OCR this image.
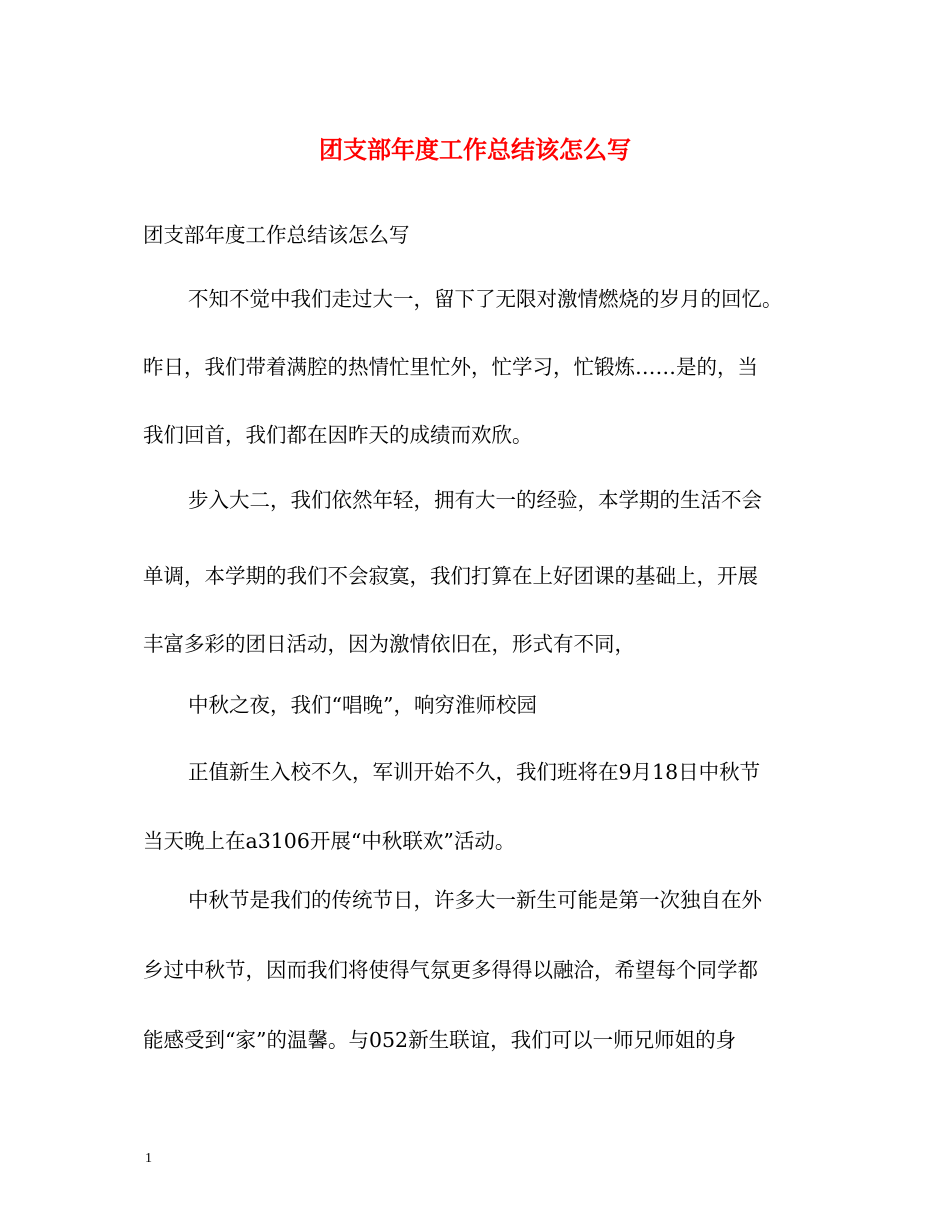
团支部年度工作总结该怎么写
团支部年度工作总结该怎么写
不知不觉中我们走过大一，留下了无限对激情燃烧的岁月的回忆。
昨日，我们带着满腔的热情忙里忙外，忙学习，忙锻炼……是的，当
我们回首，我们都在因昨天的成绩而欢欣。
步入大二，我们依然年轻，拥有大一的经验，本学期的生活不会
单调，本学期的我们不会寂寞，我们打算在上好团课的基础上，开展
丰富多彩的团日活动，因为激情依旧在，形式有不同，
中秋之夜，我们“唱晚”，响穷淮师校园
正值新生入校不久，军训开始不久，我们班将在9月18日中秋节
当天晚上在a3106开展“中秋联欢”活动。
中秋节是我们的传统节日，许多大一新生可能是第一次独自在外
乡过中秋节，因而我们将使得气氛更多得得以融洽，希望每个同学都
能感受到“家”的温馨。与052新生联谊，我们可以一师兄师姐的身
1
